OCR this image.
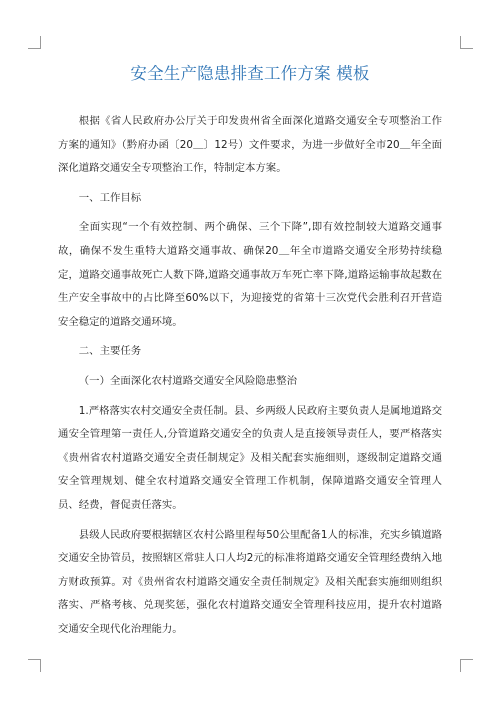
安全生产隐患排查工作方案 模板

根据《省人民政府办公厅关于印发贵州省全面深化道路交通安全专项整治工作方案的通知》（黔府办函〔20＿〕12号）文件要求，为进一步做好全市20＿年全面深化道路交通安全专项整治工作，特制定本方案。

一、工作目标

全面实现“一个有效控制、两个确保、三个下降”,即有效控制较大道路交通事故，确保不发生重特大道路交通事故、确保20＿年全市道路交通安全形势持续稳定，道路交通事故死亡人数下降,道路交通事故万车死亡率下降,道路运输事故起数在生产安全事故中的占比降至60%以下，为迎接党的省第十三次党代会胜利召开营造安全稳定的道路交通环境。

二、主要任务

（一）全面深化农村道路交通安全风险隐患整治

1.严格落实农村交通安全责任制。县、乡两级人民政府主要负责人是属地道路交通安全管理第一责任人,分管道路交通安全的负责人是直接领导责任人，要严格落实《贵州省农村道路交通安全责任制规定》及相关配套实施细则，逐级制定道路交通安全管理规划、健全农村道路交通安全管理工作机制，保障道路交通安全管理人员、经费，督促责任落实。

县级人民政府要根据辖区农村公路里程每50公里配备1人的标准，充实乡镇道路交通安全协管员，按照辖区常驻人口人均2元的标准将道路交通安全管理经费纳入地方财政预算。对《贵州省农村道路交通安全责任制规定》及相关配套实施细则组织落实、严格考核、兑现奖惩，强化农村道路交通安全管理科技应用，提升农村道路交通安全现代化治理能力。
